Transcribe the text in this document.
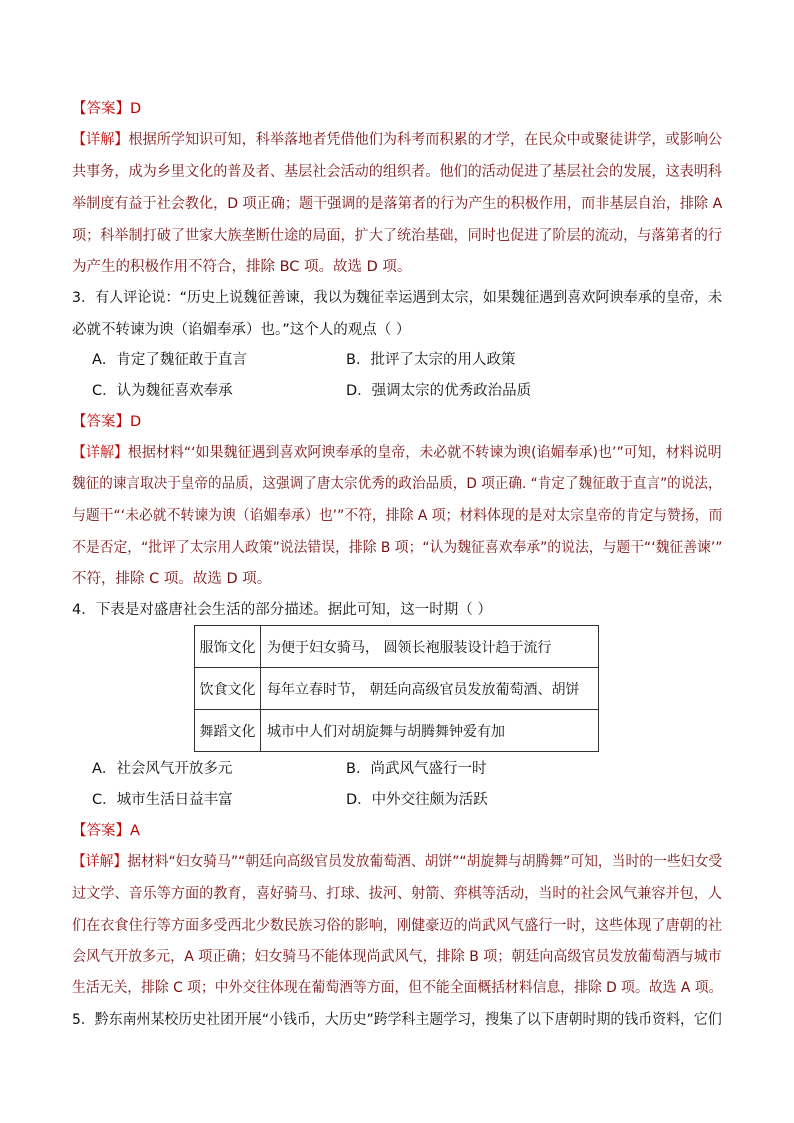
【答案】D
【详解】根据所学知识可知，科举落地者凭借他们为科考而积累的才学，在民众中或聚徒讲学，或影响公
共事务，成为乡里文化的普及者、基层社会活动的组织者。他们的活动促进了基层社会的发展，这表明科
举制度有益于社会教化，D 项正确；题干强调的是落第者的行为产生的积极作用，而非基层自治，排除 A
项；科举制打破了世家大族垄断仕途的局面，扩大了统治基础，同时也促进了阶层的流动，与落第者的行
为产生的积极作用不符合，排除 BC 项。故选 D 项。
3．有人评论说：“历史上说魏征善谏，我以为魏征幸运遇到太宗，如果魏征遇到喜欢阿谀奉承的皇帝，未
必就不转谏为谀（谄媚奉承）也。”这个人的观点（ ）
A．肯定了魏征敢于直言	B．批评了太宗的用人政策
C．认为魏征喜欢奉承	D．强调太宗的优秀政治品质
【答案】D
【详解】根据材料“‘如果魏征遇到喜欢阿谀奉承的皇帝，未必就不转谏为谀(谄媚奉承)也’”可知，材料说明
魏征的谏言取决于皇帝的品质，这强调了唐太宗优秀的政治品质，D 项正确. “肯定了魏征敢于直言”的说法，
与题干“‘未必就不转谏为谀（谄媚奉承）也’”不符，排除 A 项；材料体现的是对太宗皇帝的肯定与赞扬，而
不是否定，“批评了太宗用人政策”说法错误，排除 B 项；“认为魏征喜欢奉承”的说法，与题干“‘魏征善谏’”
不符，排除 C 项。故选 D 项。
4．下表是对盛唐社会生活的部分描述。据此可知，这一时期（ ）
服饰文化	为便于妇女骑马， 圆领长袍服装设计趋于流行
饮食文化	每年立春时节， 朝廷向高级官员发放葡萄酒、胡饼
舞蹈文化	城市中人们对胡旋舞与胡腾舞钟爱有加
A．社会风气开放多元	B．尚武风气盛行一时
C．城市生活日益丰富	D．中外交往颇为活跃
【答案】A
【详解】据材料“妇女骑马”“朝廷向高级官员发放葡萄酒、胡饼”“胡旋舞与胡腾舞”可知，当时的一些妇女受
过文学、音乐等方面的教育，喜好骑马、打球、拔河、射箭、弈棋等活动，当时的社会风气兼容并包，人
们在衣食住行等方面多受西北少数民族习俗的影响，刚健豪迈的尚武风气盛行一时，这些体现了唐朝的社
会风气开放多元，A 项正确；妇女骑马不能体现尚武风气，排除 B 项；朝廷向高级官员发放葡萄酒与城市
生活无关，排除 C 项；中外交往体现在葡萄酒等方面，但不能全面概括材料信息，排除 D 项。故选 A 项。
5．黔东南州某校历史社团开展“小钱币，大历史”跨学科主题学习，搜集了以下唐朝时期的钱币资料，它们
